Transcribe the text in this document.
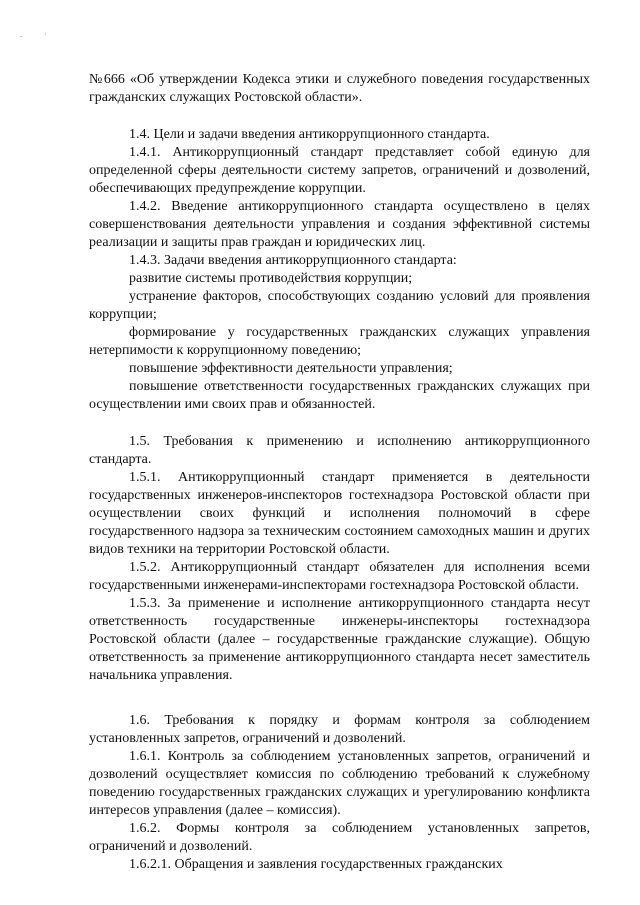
. ·

№666 «Об утверждении Кодекса этики и служебного поведения государственных гражданских служащих Ростовской области».

1.4. Цели и задачи введения антикоррупционного стандарта.

1.4.1. Антикоррупционный стандарт представляет собой единую для определенной сферы деятельности систему запретов, ограничений и дозволений, обеспечивающих предупреждение коррупции.

1.4.2. Введение антикоррупционного стандарта осуществлено в целях совершенствования деятельности управления и создания эффективной системы реализации и защиты прав граждан и юридических лиц.

1.4.3. Задачи введения антикоррупционного стандарта:

развитие системы противодействия коррупции;

устранение факторов, способствующих созданию условий для проявления коррупции;

формирование у государственных гражданских служащих управления нетерпимости к коррупционному поведению;

повышение эффективности деятельности управления;

повышение ответственности государственных гражданских служащих при осуществлении ими своих прав и обязанностей.

1.5. Требования к применению и исполнению антикоррупционного стандарта.

1.5.1. Антикоррупционный стандарт применяется в деятельности государственных инженеров-инспекторов гостехнадзора Ростовской области при осуществлении своих функций и исполнения полномочий в сфере государственного надзора за техническим состоянием самоходных машин и других видов техники на территории Ростовской области.

1.5.2. Антикоррупционный стандарт обязателен для исполнения всеми государственными инженерами-инспекторами гостехнадзора Ростовской области.

1.5.3. За применение и исполнение антикоррупционного стандарта несут ответственность государственные инженеры-инспекторы гостехнадзора Ростовской области (далее – государственные гражданские служащие). Общую ответственность за применение антикоррупционного стандарта несет заместитель начальника управления.

1.6. Требования к порядку и формам контроля за соблюдением установленных запретов, ограничений и дозволений.

1.6.1. Контроль за соблюдением установленных запретов, ограничений и дозволений осуществляет комиссия по соблюдению требований к служебному поведению государственных гражданских служащих и урегулированию конфликта интересов управления (далее – комиссия).

1.6.2. Формы контроля за соблюдением установленных запретов, ограничений и дозволений.

1.6.2.1. Обращения и заявления государственных гражданских
